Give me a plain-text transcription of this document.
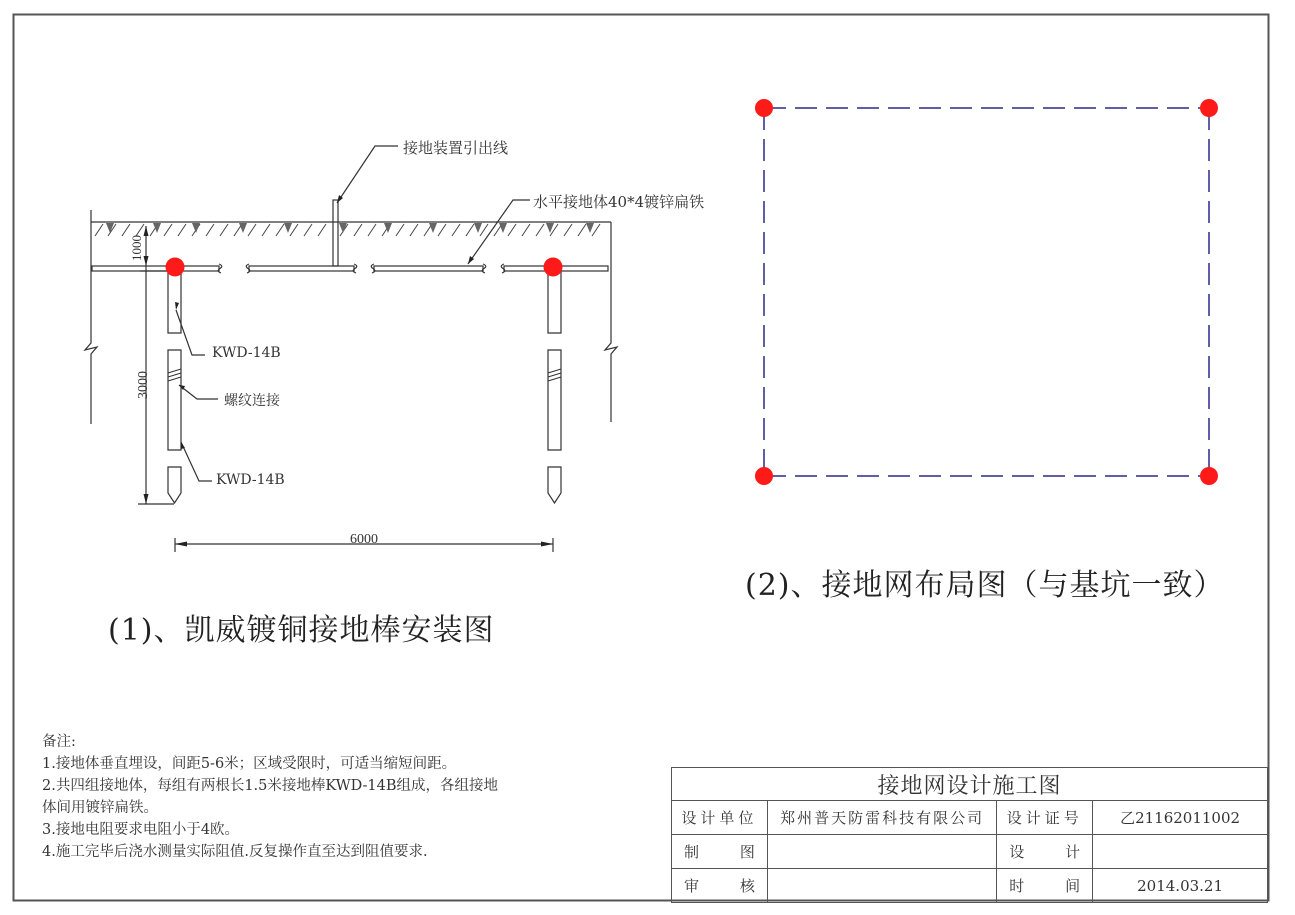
1000
3000
6000
接地装置引出线
水平接地体40*4镀锌扁铁
KWD-14B
螺纹连接
KWD-14B
(1)、凯威镀铜接地棒安装图
(2)、接地网布局图（与基坑一致）
备注:
1.接地体垂直埋设，间距5-6米；区域受限时，可适当缩短间距。
2.共四组接地体，每组有两根长1.5米接地棒KWD-14B组成，各组接地
体间用镀锌扁铁。
3.接地电阻要求电阻小于4欧。
4.施工完毕后浇水测量实际阻值.反复操作直至达到阻值要求.
接地网设计施工图			
设计单位	郑州普天防雷科技有限公司	设计证号	乙21162011002

制 图		设 计	

审 核		时 间	2014.03.21
